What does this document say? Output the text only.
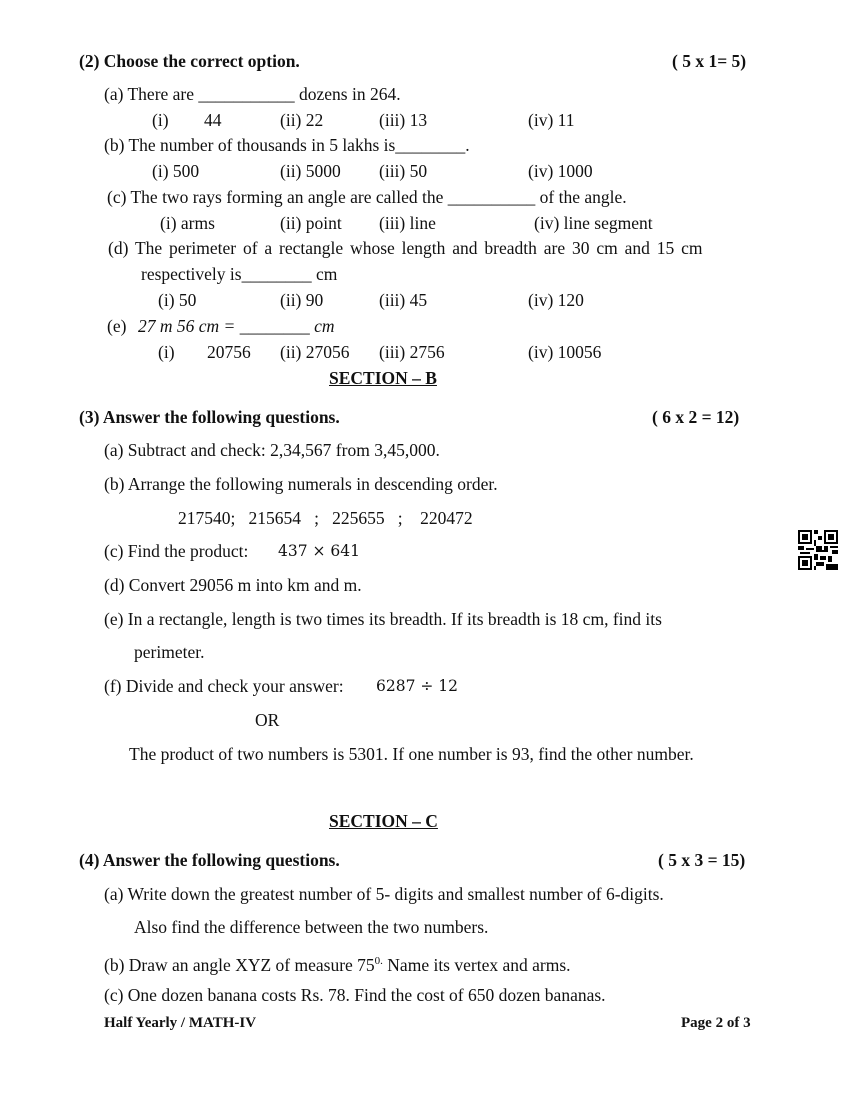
(2) Choose the correct option.	( 5 x 1= 5)
(a) There are ___________ dozens in 264.
(i) 44	(ii) 22	(iii) 13	(iv) 11
(b) The number of thousands in 5 lakhs is________.
(i) 500	(ii) 5000 (iii) 50	(iv) 1000
(c) The two rays forming an angle are called the __________ of the angle.
(i) arms	(ii) point (iii) line	(iv) line segment
(d) The perimeter of a rectangle whose length and breadth are 30 cm and 15 cm
respectively is________ cm
(i) 50	(ii) 90	(iii) 45	(iv) 120
(e) 27 m 56 cm = ________ cm
(i) 20756 (ii) 27056 (iii) 2756	(iv) 10056
SECTION – B
(3) Answer the following questions.	( 6 x 2 = 12)
(a) Subtract and check: 2,34,567 from 3,45,000.
(b) Arrange the following numerals in descending order.
217540;   215654   ;   225655   ;    220472
(c) Find the product: 437 × 641
(d) Convert 29056 m into km and m.
(e) In a rectangle, length is two times its breadth. If its breadth is 18 cm, find its
perimeter.
(f) Divide and check your answer: 6287 ÷ 12
OR
The product of two numbers is 5301. If one number is 93, find the other number.
SECTION – C
(4) Answer the following questions.	( 5 x 3 = 15)
(a) Write down the greatest number of 5- digits and smallest number of 6-digits.
Also find the difference between the two numbers.
(b) Draw an angle XYZ of measure $75^{0.}$ Name its vertex and arms.
(c) One dozen banana costs Rs. 78. Find the cost of 650 dozen bananas.
Half Yearly / MATH-IV	Page 2 of 3
